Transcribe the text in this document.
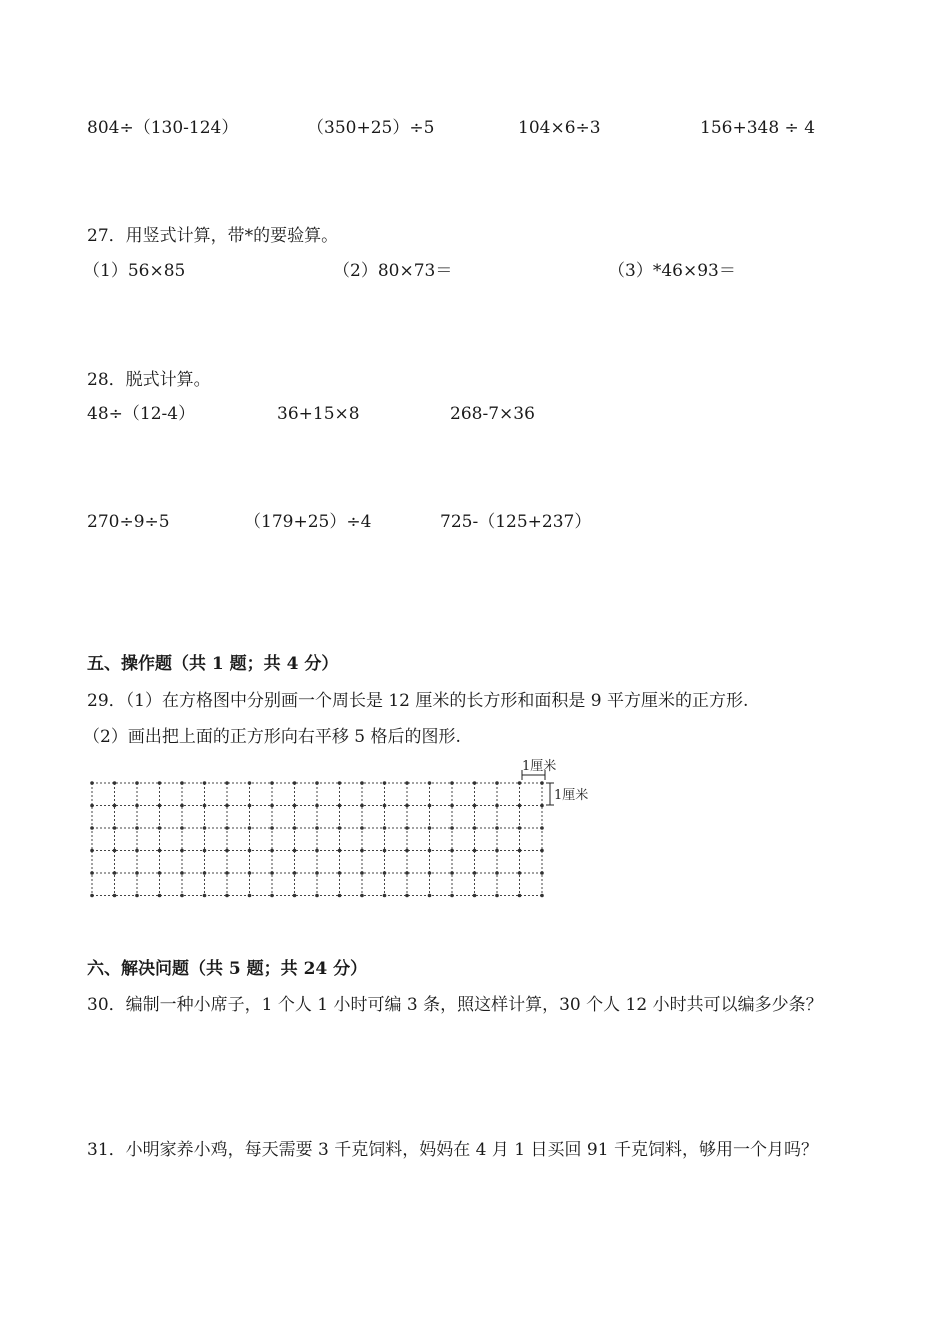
804÷（130-124）	（350+25）÷5	104×6÷3	156+348 ÷ 4
27．用竖式计算，带*的要验算。
（1）56×85	（2）80×73＝	（3）*46×93＝
28．脱式计算。
48÷（12-4）	36+15×8	268-7×36
270÷9÷5	（179+25）÷4	725-（125+237）
五、操作题（共 1 题；共 4 分）
29．（1）在方格图中分别画一个周长是 12 厘米的长方形和面积是 9 平方厘米的正方形.
（2）画出把上面的正方形向右平移 5 格后的图形.
1厘米
1厘米
六、解决问题（共 5 题；共 24 分）
30．编制一种小席子，1 个人 1 小时可编 3 条，照这样计算，30 个人 12 小时共可以编多少条？
31．小明家养小鸡，每天需要 3 千克饲料，妈妈在 4 月 1 日买回 91 千克饲料，够用一个月吗？
